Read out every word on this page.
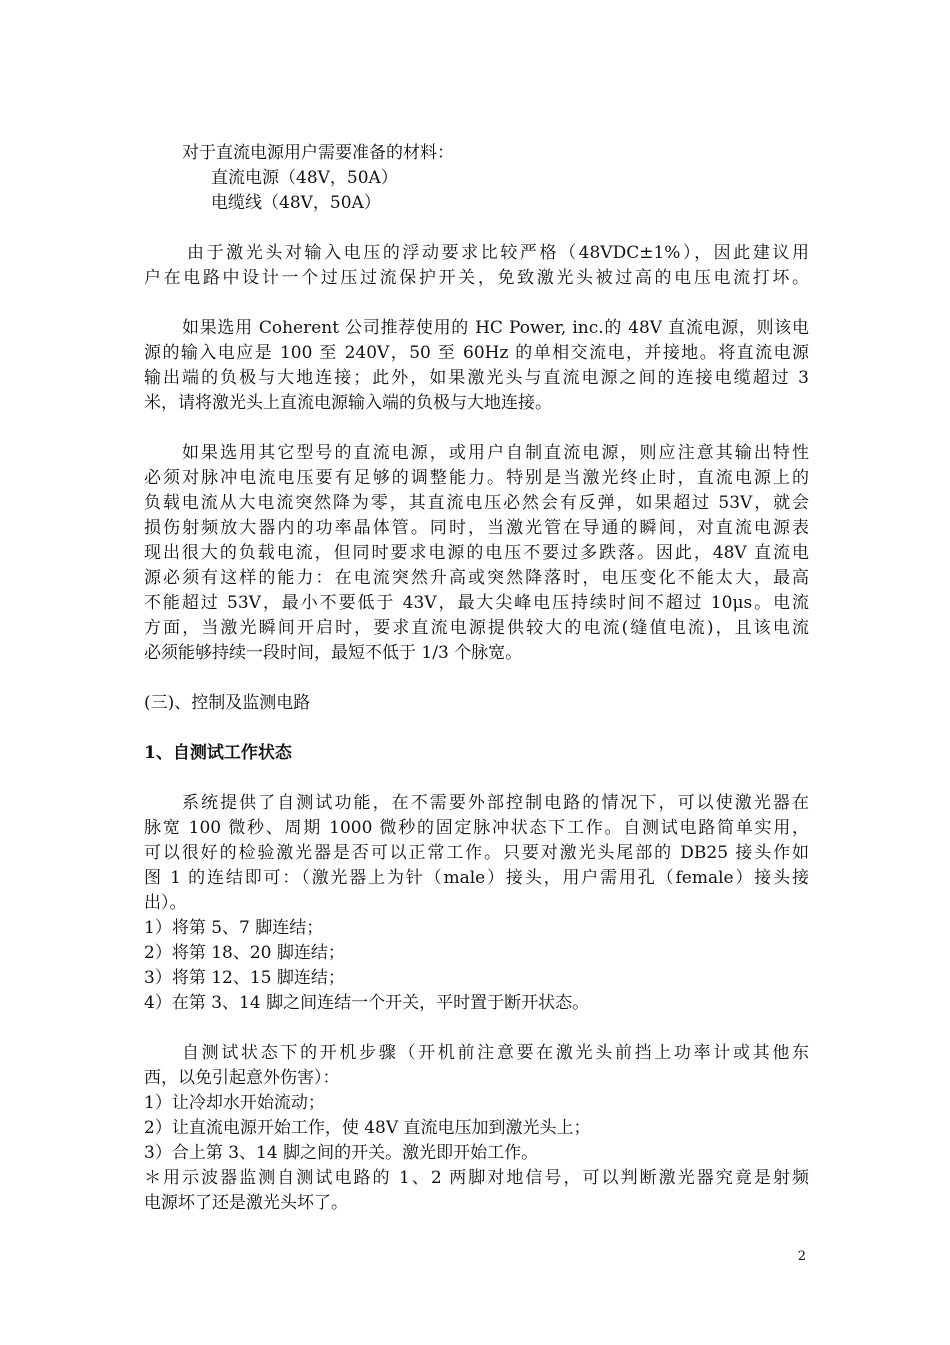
对于直流电源用户需要准备的材料：
直流电源（48V，50A）
电缆线（48V，50A）
由于激光头对输入电压的浮动要求比较严格（48VDC±1%），因此建议用
户在电路中设计一个过压过流保护开关，免致激光头被过高的电压电流打坏。
如果选用 Coherent 公司推荐使用的 HC Power, inc.的 48V 直流电源，则该电
源的输入电应是 100 至 240V，50 至 60Hz 的单相交流电，并接地。将直流电源
输出端的负极与大地连接；此外，如果激光头与直流电源之间的连接电缆超过 3
米，请将激光头上直流电源输入端的负极与大地连接。
如果选用其它型号的直流电源，或用户自制直流电源，则应注意其输出特性
必须对脉冲电流电压要有足够的调整能力。特别是当激光终止时，直流电源上的
负载电流从大电流突然降为零，其直流电压必然会有反弹，如果超过 53V，就会
损伤射频放大器内的功率晶体管。同时，当激光管在导通的瞬间，对直流电源表
现出很大的负载电流，但同时要求电源的电压不要过多跌落。因此，48V 直流电
源必须有这样的能力：在电流突然升高或突然降落时，电压变化不能太大，最高
不能超过 53V，最小不要低于 43V，最大尖峰电压持续时间不超过 10μs。电流
方面，当激光瞬间开启时，要求直流电源提供较大的电流(缝值电流)，且该电流
必须能够持续一段时间，最短不低于 1/3 个脉宽。
(三)、控制及监测电路
1、自测试工作状态
系统提供了自测试功能，在不需要外部控制电路的情况下，可以使激光器在
脉宽 100 微秒、周期 1000 微秒的固定脉冲状态下工作。自测试电路简单实用，
可以很好的检验激光器是否可以正常工作。只要对激光头尾部的 DB25 接头作如
图 1 的连结即可：（激光器上为针（male）接头，用户需用孔（female）接头接
出）。
1）将第 5、7 脚连结；
2）将第 18、20 脚连结；
3）将第 12、15 脚连结；
4）在第 3、14 脚之间连结一个开关，平时置于断开状态。
自测试状态下的开机步骤（开机前注意要在激光头前挡上功率计或其他东
西，以免引起意外伤害）：
1）让冷却水开始流动；
2）让直流电源开始工作，使 48V 直流电压加到激光头上；
3）合上第 3、14 脚之间的开关。激光即开始工作。
＊用示波器监测自测试电路的 1、2 两脚对地信号，可以判断激光器究竟是射频
电源坏了还是激光头坏了。
2
